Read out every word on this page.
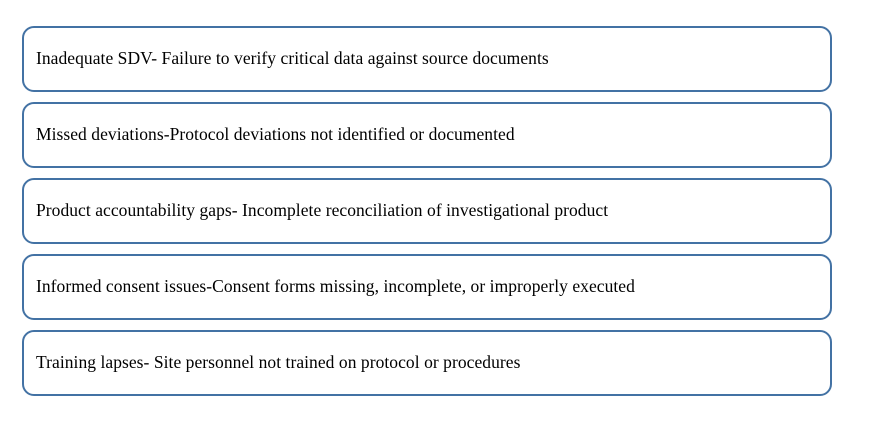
Inadequate SDV- Failure to verify critical data against source documents
Missed deviations-Protocol deviations not identified or documented
Product accountability gaps- Incomplete reconciliation of investigational product
Informed consent issues-Consent forms missing, incomplete, or improperly executed
Training lapses- Site personnel not trained on protocol or procedures
